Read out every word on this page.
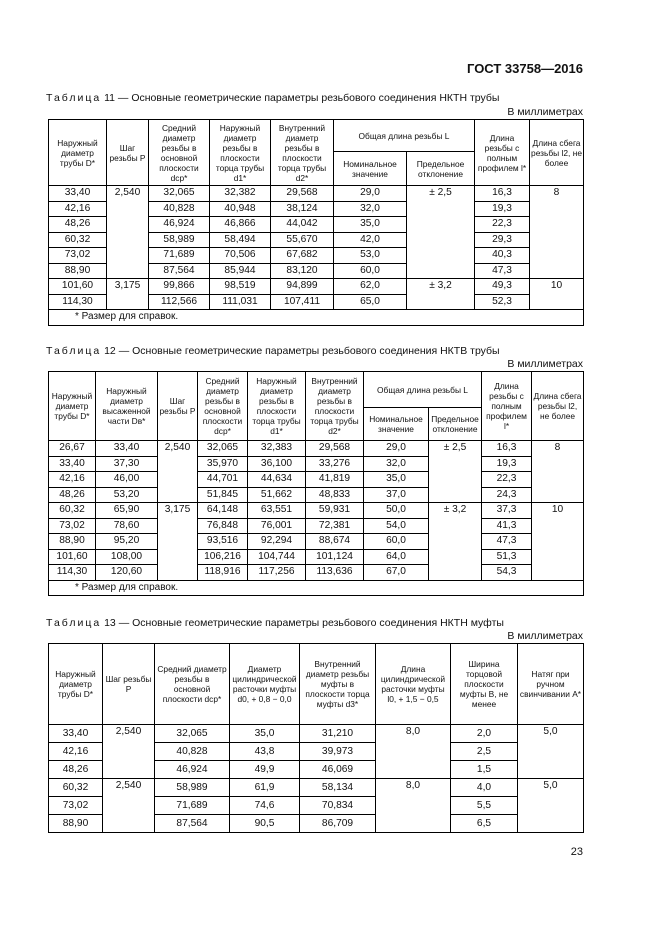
ГОСТ 33758—2016
Таблица 11 — Основные геометрические параметры резьбового соединения НКТН трубы
В миллиметрах
Наружный диаметр трубы D*	Шаг резьбы P	Средний диаметр резьбы в основной плоскости dср*	Наружный диаметр резьбы в плоскости торца трубы d1*	Внутренний диаметр резьбы в плоскости торца трубы d2*	Общая длина резьбы L		Длина резьбы с полным профилем l*	Длина сбега резьбы l2, не более
					Номинальное значение	Предельное отклонение		
33,40	2,540	32,065	32,382	29,568	29,0	± 2,5	16,3	8
42,16		40,828	40,948	38,124	32,0		19,3	
48,26		46,924	46,866	44,042	35,0		22,3	
60,32		58,989	58,494	55,670	42,0		29,3	
73,02		71,689	70,506	67,682	53,0		40,3	
88,90		87,564	85,944	83,120	60,0		47,3	
101,60	3,175	99,866	98,519	94,899	62,0	± 3,2	49,3	10
114,30		112,566	111,031	107,411	65,0		52,3	
* Размер для справок.								
Таблица 12 — Основные геометрические параметры резьбового соединения НКТВ трубы
В миллиметрах
Наружный диаметр трубы D*	Наружный диаметр высаженной части Dв*	Шаг резьбы P	Средний диаметр резьбы в основной плоскости dср*	Наружный диаметр резьбы в плоскости торца трубы d1*	Внутренний диаметр резьбы в плоскости торца трубы d2*	Общая длина резьбы L		Длина резьбы с полным профилем l*	Длина сбега резьбы l2, не более
						Номинальное значение	Предельное отклонение		
26,67	33,40	2,540	32,065	32,383	29,568	29,0	± 2,5	16,3	8
33,40	37,30		35,970	36,100	33,276	32,0		19,3	
42,16	46,00		44,701	44,634	41,819	35,0		22,3	
48,26	53,20		51,845	51,662	48,833	37,0		24,3	
60,32	65,90	3,175	64,148	63,551	59,931	50,0	± 3,2	37,3	10
73,02	78,60		76,848	76,001	72,381	54,0		41,3	
88,90	95,20		93,516	92,294	88,674	60,0		47,3	
101,60	108,00		106,216	104,744	101,124	64,0		51,3	
114,30	120,60		118,916	117,256	113,636	67,0		54,3	
* Размер для справок.									
Таблица 13 — Основные геометрические параметры резьбового соединения НКТН муфты
В миллиметрах
Наружный диаметр трубы D*	Шаг резьбы P	Средний диаметр резьбы в основной плоскости dср*	Диаметр цилиндрической расточки муфты d0, + 0,8 − 0,0	Внутренний диаметр резьбы муфты в плоскости торца муфты d3*	Длина цилиндрической расточки муфты l0, + 1,5 − 0,5	Ширина торцовой плоскости муфты B, не менее	Натяг при ручном свинчивании A*
33,40	2,540	32,065	35,0	31,210	8,0	2,0	5,0
42,16		40,828	43,8	39,973		2,5	
48,26		46,924	49,9	46,069		1,5	
60,32	2,540	58,989	61,9	58,134	8,0	4,0	5,0
73,02		71,689	74,6	70,834		5,5	
88,90		87,564	90,5	86,709		6,5	
23
